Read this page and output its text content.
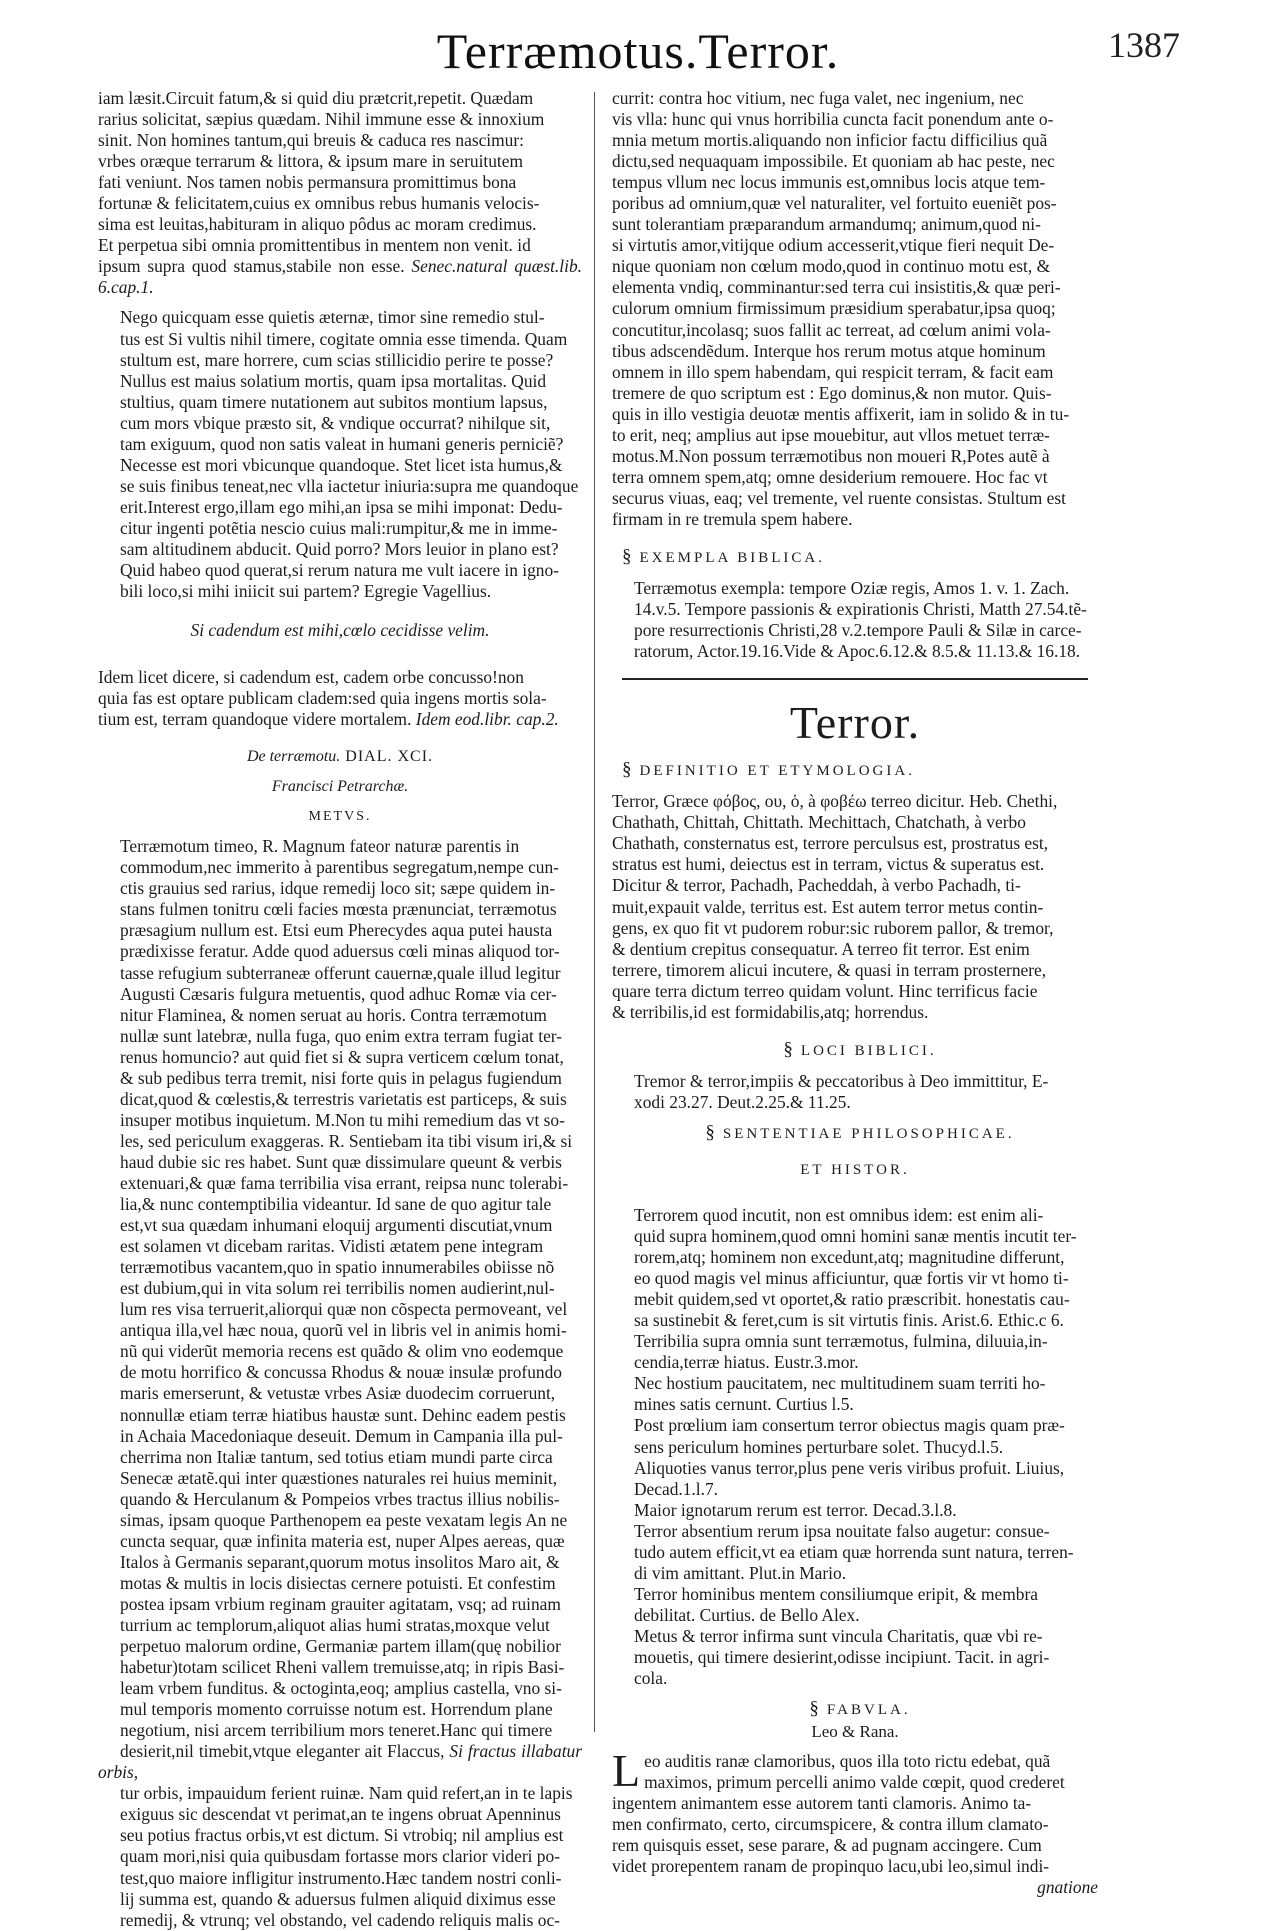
Terræmotus.Terror.	1387

iam læsit.Circuit fatum,& si quid diu prætcrit,repetit. Quædam

rarius solicitat, sæpius quædam. Nihil immune esse & innoxium

sinit. Non homines tantum,qui breuis & caduca res nascimur:

vrbes oræque terrarum & littora, & ipsum mare in seruitutem

fati veniunt. Nos tamen nobis permansura promittimus bona

fortunæ & felicitatem,cuius ex omnibus rebus humanis velocis-

sima est leuitas,habituram in aliquo pôdus ac moram credimus.

Et perpetua sibi omnia promittentibus in mentem non venit. id

ipsum supra quod stamus,stabile non esse. Senec.natural quæst.lib. 6.cap.1.

Nego quicquam esse quietis æternæ, timor sine remedio stul-

tus est Si vultis nihil timere, cogitate omnia esse timenda. Quam

stultum est, mare horrere, cum scias stillicidio perire te posse?

Nullus est maius solatium mortis, quam ipsa mortalitas. Quid

stultius, quam timere nutationem aut subitos montium lapsus,

cum mors vbique præsto sit, & vndique occurrat? nihilque sit,

tam exiguum, quod non satis valeat in humani generis perniciẽ?

Necesse est mori vbicunque quandoque. Stet licet ista humus,&

se suis finibus teneat,nec vlla iactetur iniuria:supra me quandoque

erit.Interest ergo,illam ego mihi,an ipsa se mihi imponat: Dedu-

citur ingenti potẽtia nescio cuius mali:rumpitur,& me in imme-

sam altitudinem abducit. Quid porro? Mors leuior in plano est?

Quid habeo quod querat,si rerum natura me vult iacere in igno-

bili loco,si mihi iniicit sui partem? Egregie Vagellius.

Si cadendum est mihi,cœlo cecidisse velim.

Idem licet dicere, si cadendum est, cadem orbe concusso!non

quia fas est optare publicam cladem:sed quia ingens mortis sola-

tium est, terram quandoque videre mortalem. Idem eod.libr. cap.2.

De terræmotu. DIAL. XCI.

Francisci Petrarchæ.

METVS.

Terræmotum timeo, R. Magnum fateor naturæ parentis in

commodum,nec immerito à parentibus segregatum,nempe cun-

ctis grauius sed rarius, idque remedij loco sit; sæpe quidem in-

stans fulmen tonitru cœli facies mœsta prænunciat, terræmotus

præsagium nullum est. Etsi eum Pherecydes aqua putei hausta

prædixisse feratur. Adde quod aduersus cœli minas aliquod tor-

tasse refugium subterraneæ offerunt cauernæ,quale illud legitur

Augusti Cæsaris fulgura metuentis, quod adhuc Romæ via cer-

nitur Flaminea, & nomen seruat au horis. Contra terræmotum

nullæ sunt latebræ, nulla fuga, quo enim extra terram fugiat ter-

renus homuncio? aut quid fiet si & supra verticem cœlum tonat,

& sub pedibus terra tremit, nisi forte quis in pelagus fugiendum

dicat,quod & cœlestis,& terrestris varietatis est particeps, & suis

insuper motibus inquietum. M.Non tu mihi remedium das vt so-

les, sed periculum exaggeras. R. Sentiebam ita tibi visum iri,& si

haud dubie sic res habet. Sunt quæ dissimulare queunt & verbis

extenuari,& quæ fama terribilia visa errant, reipsa nunc tolerabi-

lia,& nunc contemptibilia videantur. Id sane de quo agitur tale

est,vt sua quædam inhumani eloquij argumenti discutiat,vnum

est solamen vt dicebam raritas. Vidisti ætatem pene integram

terræmotibus vacantem,quo in spatio innumerabiles obiisse nõ

est dubium,qui in vita solum rei terribilis nomen audierint,nul-

lum res visa terruerit,aliorqui quæ non cõspecta permoveant, vel

antiqua illa,vel hæc noua, quorũ vel in libris vel in animis homi-

nũ qui viderũt memoria recens est quãdo & olim vno eodemque

de motu horrifico & concussa Rhodus & nouæ insulæ profundo

maris emerserunt, & vetustæ vrbes Asiæ duodecim corruerunt,

nonnullæ etiam terræ hiatibus haustæ sunt. Dehinc eadem pestis

in Achaia Macedoniaque deseuit. Demum in Campania illa pul-

cherrima non Italiæ tantum, sed totius etiam mundi parte circa

Senecæ ætatẽ.qui inter quæstiones naturales rei huius meminit,

quando & Herculanum & Pompeios vrbes tractus illius nobilis-

simas, ipsam quoque Parthenopem ea peste vexatam legis An ne

cuncta sequar, quæ infinita materia est, nuper Alpes aereas, quæ

Italos à Germanis separant,quorum motus insolitos Maro ait, &

motas & multis in locis disiectas cernere potuisti. Et confestim

postea ipsam vrbium reginam grauiter agitatam, vsq; ad ruinam

turrium ac templorum,aliquot alias humi stratas,moxque velut

perpetuo malorum ordine, Germaniæ partem illam(quę nobilior

habetur)totam scilicet Rheni vallem tremuisse,atq; in ripis Basi-

leam vrbem funditus. & octoginta,eoq; amplius castella, vno si-

mul temporis momento corruisse notum est. Horrendum plane

negotium, nisi arcem terribilium mors teneret.Hanc qui timere

desierit,nil timebit,vtque eleganter ait Flaccus, Si fractus illabatur orbis,

tur orbis, impauidum ferient ruinæ. Nam quid refert,an in te lapis

exiguus sic descendat vt perimat,an te ingens obruat Apenninus

seu potius fractus orbis,vt est dictum. Si vtrobiq; nil amplius est

quam mori,nisi quia quibusdam fortasse mors clarior videri po-

test,quo maiore infligitur instrumento.Hæc tandem nostri conli-

lij summa est, quando & aduersus fulmen aliquid diximus esse

remedij, & vtrunq; vel obstando, vel cadendo reliquis malis oc-

currit: contra hoc vitium, nec fuga valet, nec ingenium, nec

vis vlla: hunc qui vnus horribilia cuncta facit ponendum ante o-

mnia metum mortis.aliquando non inficior factu difficilius quã

dictu,sed nequaquam impossibile. Et quoniam ab hac peste, nec

tempus vllum nec locus immunis est,omnibus locis atque tem-

poribus ad omnium,quæ vel naturaliter, vel fortuito eueniẽt pos-

sunt tolerantiam præparandum armandumq; animum,quod ni-

si virtutis amor,vitijque odium accesserit,vtique fieri nequit De-

nique quoniam non cœlum modo,quod in continuo motu est, &

elementa vndiq, comminantur:sed terra cui insistitis,& quæ peri-

culorum omnium firmissimum præsidium sperabatur,ipsa quoq;

concutitur,incolasq; suos fallit ac terreat, ad cœlum animi vola-

tibus adscendẽdum. Interque hos rerum motus atque hominum

omnem in illo spem habendam, qui respicit terram, & facit eam

tremere de quo scriptum est : Ego dominus,& non mutor. Quis-

quis in illo vestigia deuotæ mentis affixerit, iam in solido & in tu-

to erit, neq; amplius aut ipse mouebitur, aut vllos metuet terræ-

motus.M.Non possum terræmotibus non moueri R,Potes autẽ à

terra omnem spem,atq; omne desiderium remouere. Hoc fac vt

securus viuas, eaq; vel tremente, vel ruente consistas. Stultum est

firmam in re tremula spem habere.

§ EXEMPLA BIBLICA.

Terræmotus exempla: tempore Oziæ regis, Amos 1. v. 1. Zach.

14.v.5. Tempore passionis & expirationis Christi, Matth 27.54.tẽ-

pore resurrectionis Christi,28 v.2.tempore Pauli & Silæ in carce-

ratorum, Actor.19.16.Vide & Apoc.6.12.& 8.5.& 11.13.& 16.18.

Terror.

§ DEFINITIO ET ETYMOLOGIA.

Terror, Græce φόβος, ου, ὁ, à φοβέω terreo dicitur. Heb. Chethi,

Chathath, Chittah, Chittath. Mechittach, Chatchath, à verbo

Chathath, consternatus est, terrore perculsus est, prostratus est,

stratus est humi, deiectus est in terram, victus & superatus est.

Dicitur & terror, Pachadh, Pacheddah, à verbo Pachadh, ti-

muit,expauit valde, territus est. Est autem terror metus contin-

gens, ex quo fit vt pudorem robur:sic ruborem pallor, & tremor,

& dentium crepitus consequatur. A terreo fit terror. Est enim

terrere, timorem alicui incutere, & quasi in terram prosternere,

quare terra dictum terreo quidam volunt. Hinc terrificus facie

& terribilis,id est formidabilis,atq; horrendus.

§ LOCI BIBLICI.

Tremor & terror,impiis & peccatoribus à Deo immittitur, E-

xodi 23.27. Deut.2.25.& 11.25.

§ SENTENTIAE PHILOSOPHICAE.

ET HISTOR.

Terrorem quod incutit, non est omnibus idem: est enim ali-

quid supra hominem,quod omni homini sanæ mentis incutit ter-

rorem,atq; hominem non excedunt,atq; magnitudine differunt,

eo quod magis vel minus afficiuntur, quæ fortis vir vt homo ti-

mebit quidem,sed vt oportet,& ratio præscribit. honestatis cau-

sa sustinebit & feret,cum is sit virtutis finis. Arist.6. Ethic.c 6.

Terribilia supra omnia sunt terræmotus, fulmina, diluuia,in-

cendia,terræ hiatus. Eustr.3.mor.

Nec hostium paucitatem, nec multitudinem suam territi ho-

mines satis cernunt. Curtius l.5.

Post prœlium iam consertum terror obiectus magis quam præ-

sens periculum homines perturbare solet. Thucyd.l.5.

Aliquoties vanus terror,plus pene veris viribus profuit. Liuius,

Decad.1.l.7.

Maior ignotarum rerum est terror. Decad.3.l.8.

Terror absentium rerum ipsa nouitate falso augetur: consue-

tudo autem efficit,vt ea etiam quæ horrenda sunt natura, terren-

di vim amittant. Plut.in Mario.

Terror hominibus mentem consiliumque eripit, & membra

debilitat. Curtius. de Bello Alex.

Metus & terror infirma sunt vincula Charitatis, quæ vbi re-

mouetis, qui timere desierint,odisse incipiunt. Tacit. in agri-

cola.

§ FABVLA.

Leo & Rana.

L eo auditis ranæ clamoribus, quos illa toto rictu edebat, quã

maximos, primum percelli animo valde cœpit, quod crederet

ingentem animantem esse autorem tanti clamoris. Animo ta-

men confirmato, certo, circumspicere, & contra illum clamato-

rem quisquis esset, sese parare, & ad pugnam accingere. Cum

videt prorepentem ranam de propinquo lacu,ubi leo,simul indi-

gnatione
